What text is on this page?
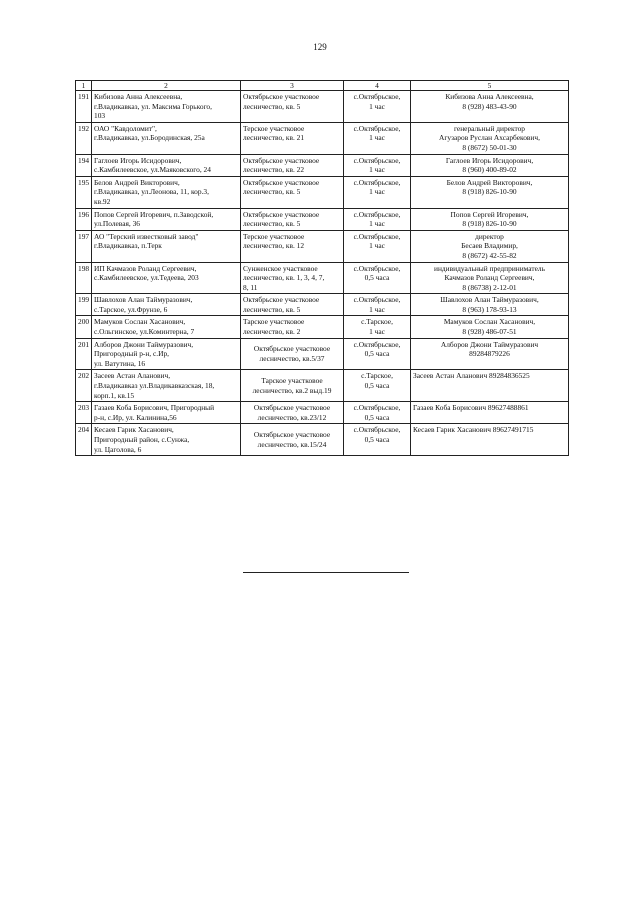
129
1	2	3	4	5
191	Кибизова Анна Алексеевна,
г.Владикавказ, ул. Максима Горького,
103	Октябрьское участковое
лесничество, кв. 5	с.Октябрьское,
1 час	Кибизова Анна Алексеевна,
8 (928) 483-43-90

192	ОАО "Кавдоломит",
г.Владикавказ, ул.Бородинская, 25а	Терское участковое
лесничество, кв. 21	с.Октябрьское,
1 час	генеральный директор
Агузаров Руслан Ахсарбекович,
8 (8672) 50-01-30

194	Гаглоев Игорь Исидорович,
с.Камбилеевское, ул.Маяковского, 24	Октябрьское участковое
лесничество, кв. 22	с.Октябрьское,
1 час	Гаглоев Игорь Исидорович,
8 (960) 400-89-02

195	Белов Андрей Викторович,
г.Владикавказ, ул.Леонова, 11, кор.3,
кв.92	Октябрьское участковое
лесничество, кв. 5	с.Октябрьское,
1 час	Белов Андрей Викторович,
8 (918) 826-10-90

196	Попов Сергей Игоревич, п.Заводской,
ул.Полевая, 36	Октябрьское участковое
лесничество, кв. 5	с.Октябрьское,
1 час	Попов Сергей Игоревич,
8 (918) 826-10-90

197	АО "Терский известковый завод"
г.Владикавказ, п.Терк	Терское участковое
лесничество, кв. 12	с.Октябрьское,
1 час	директор
Бесаев Владимир,
8 (8672) 42-55-82

198	ИП Качмазов Роланд Сергеевич,
с.Камбилеевское, ул.Тедеева, 203	Сунженское участковое
лесничество, кв. 1, 3, 4, 7,
8, 11	с.Октябрьское,
0,5 часа	индивидуальный предприниматель
Качмазов Роланд Сергеевич,
8 (86738) 2-12-01

199	Шавлохов Алан Таймуразович,
с.Тарское, ул.Фрунзе, 6	Октябрьское участковое
лесничество, кв. 5	с.Октябрьское,
1 час	Шавлохов Алан Таймуразович,
8 (963) 178-93-13

200	Мамуков Сослан Хасанович,
с.Ольгинское, ул.Коминтерна, 7	Тарское участковое
лесничество, кв. 2	с.Тарское,
1 час	Мамуков Сослан Хасанович,
8 (928) 486-07-51

201	Алборов Джони Таймуразович,
Пригородный р-н, с.Ир,
ул. Ватутина, 16	Октябрьское участковое
лесничество, кв.5/37	с.Октябрьское,
0,5 часа	Алборов Джони Таймуразович
89284879226

202	Засеев Астан Аланович,
г.Владикавказ ул.Владикавказская, 18,
корп.1, кв.15	Тарское участковое
лесничество, кв.2 выд.19	с.Тарское,
0,5 часа	Засеев Астан Аланович 89284836525

203	Газаев Коба Борисович, Пригородный
р-н, с.Ир, ул. Калинина,56	Октябрьское участковое
лесничество, кв.23/12	с.Октябрьское,
0,5 часа	Газаев Коба Борисович 89627488861

204	Кесаев Гарик Хасанович,
Пригородный район, с.Сунжа,
ул. Цаголова, 6	Октябрьское участковое
лесничество, кв.15/24	с.Октябрьское,
0,5 часа	Кесаев Гарик Хасанович 89627491715
